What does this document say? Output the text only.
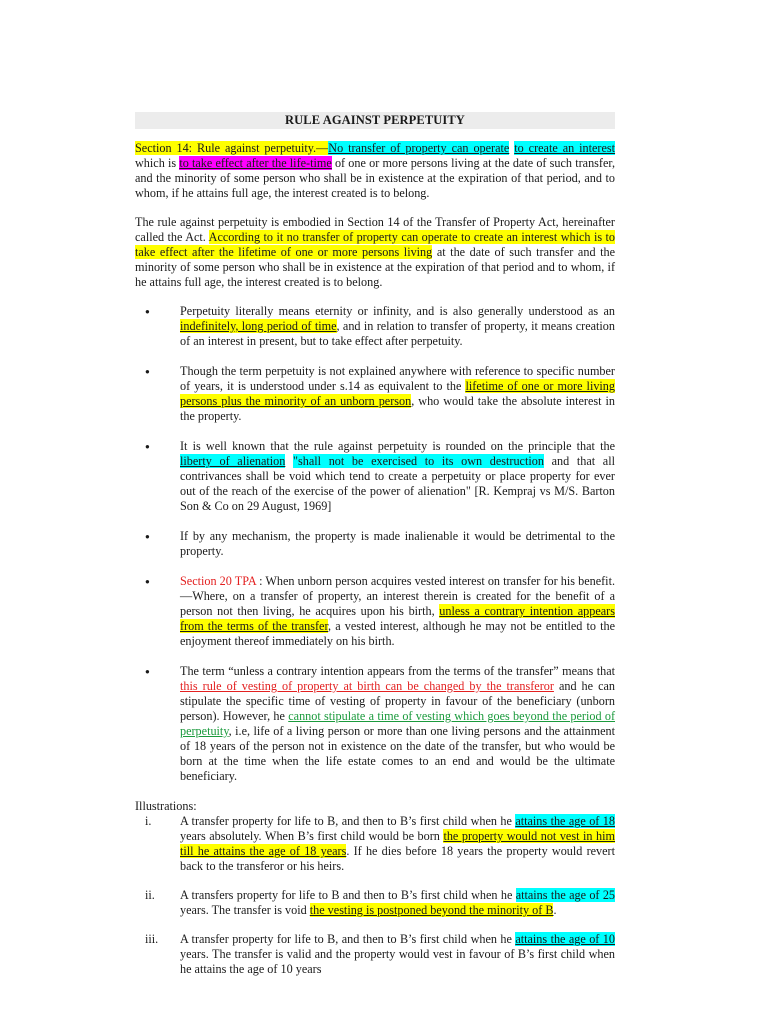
RULE AGAINST PERPETUITY

Section 14: Rule against perpetuity.—No transfer of property can operate to create an interest which is to take effect after the life-time of one or more persons living at the date of such transfer, and the minority of some person who shall be in existence at the expiration of that period, and to whom, if he attains full age, the interest created is to belong.

The rule against perpetuity is embodied in Section 14 of the Transfer of Property Act, hereinafter called the Act. According to it no transfer of property can operate to create an interest which is to take effect after the lifetime of one or more persons living at the date of such transfer and the minority of some person who shall be in existence at the expiration of that period and to whom, if he attains full age, the interest created is to belong.

● Perpetuity literally means eternity or infinity, and is also generally understood as an indefinitely, long period of time, and in relation to transfer of property, it means creation of an interest in present, but to take effect after perpetuity.
● Though the term perpetuity is not explained anywhere with reference to specific number of years, it is understood under s.14 as equivalent to the lifetime of one or more living persons plus the minority of an unborn person, who would take the absolute interest in the property.
● It is well known that the rule against perpetuity is rounded on the principle that the liberty of alienation "shall not be exercised to its own destruction and that all contrivances shall be void which tend to create a perpetuity or place property for ever out of the reach of the exercise of the power of alienation" [R. Kempraj vs M/S. Barton Son & Co on 29 August, 1969]
● If by any mechanism, the property is made inalienable it would be detrimental to the property.
● Section 20 TPA : When unborn person acquires vested interest on transfer for his benefit.—Where, on a transfer of property, an interest therein is created for the benefit of a person not then living, he acquires upon his birth, unless a contrary intention appears from the terms of the transfer, a vested interest, although he may not be entitled to the enjoyment thereof immediately on his birth.
● The term “unless a contrary intention appears from the terms of the transfer” means that this rule of vesting of property at birth can be changed by the transferor and he can stipulate the specific time of vesting of property in favour of the beneficiary (unborn person). However, he cannot stipulate a time of vesting which goes beyond the period of perpetuity, i.e, life of a living person or more than one living persons and the attainment of 18 years of the person not in existence on the date of the transfer, but who would be born at the time when the life estate comes to an end and would be the ultimate beneficiary.
Illustrations:
i. A transfer property for life to B, and then to B’s first child when he attains the age of 18 years absolutely. When B’s first child would be born the property would not vest in him till he attains the age of 18 years. If he dies before 18 years the property would revert back to the transferor or his heirs.
ii. A transfers property for life to B and then to B’s first child when he attains the age of 25 years. The transfer is void the vesting is postponed beyond the minority of B.
iii. A transfer property for life to B, and then to B’s first child when he attains the age of 10 years. The transfer is valid and the property would vest in favour of B’s first child when he attains the age of 10 years
